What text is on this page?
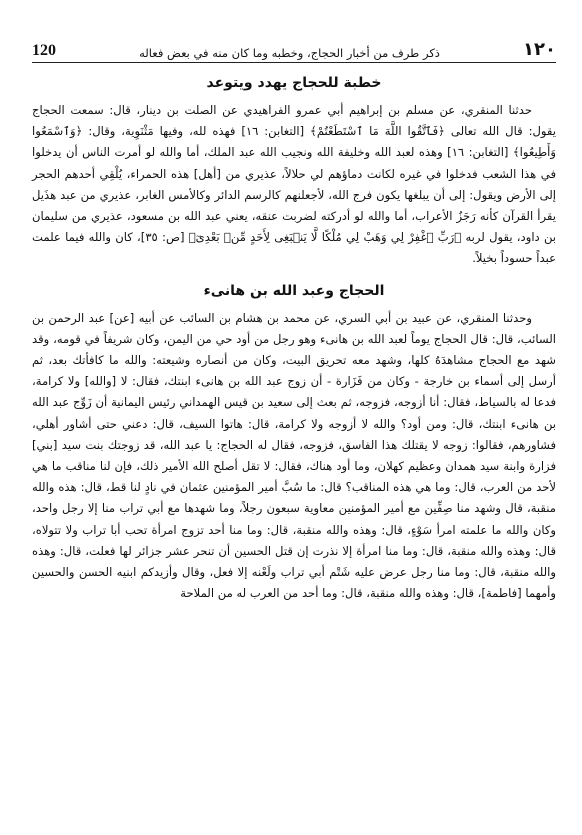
١٢٠
ذكر طرف من أخبار الحجاج، وخطبه وما كان منه في بعض فعاله
120
خطبة للحجاج يهدد ويتوعد

حدثنا المنقري، عن مسلم بن إبراهيم أبي عمرو الفراهيدي عن الصلت بن دينار، قال: سمعت الحجاج يقول: قال الله تعالى ﴿فَٱتَّقُوا اللَّهَ مَا ٱسْتَطَعْتُمْ﴾ [التغابن: ١٦] فهذه لله، وفيها مَثْنَوِية، وقال: ﴿وَٱسْمَعُوا وَأَطِيعُوا﴾ [التغابن: ١٦] وهذه لعبد الله وخليفة الله ونجيب الله عبد الملك، أما والله لو أمرت الناس أن يدخلوا في هذا الشعب فدخلوا في غيره لكانت دماؤهم لي حلالاً، عذيري من [أهل] هذه الحمراء، يُلْقِي أحدهم الحجر إلى الأرض ويقول: إلى أن يبلغها يكون فرج الله، لأجعلنهم كالرسم الدائر وكالأمس الغابر، عذيري من عبد هذَيل يقرأ القرآن كأنه رَجَزُ الأعراب، أما والله لو أدركته لضربت عنقه، يعني عبد الله بن مسعود، عذيري من سليمان بن داود، يقول لربه ﴿رَبِّ ٱغْفِرْ لِي وَهَبْ لِي مُلْكًا لَّا يَنۢبَغِى لِأَحَدٍ مِّنۢ بَعْدِىٓ﴾ [ص: ٣٥]، كان والله فيما علمت عبداً حسوداً بخيلاً.

الحجاج وعبد الله بن هانىء

وحدثنا المنقري، عن عبيد بن أبي السري، عن محمد بن هشام بن السائب عن أبيه [عن] عبد الرحمن بن السائب، قال: قال الحجاج يوماً لعبد الله بن هانىء وهو رجل من أود حي من اليمن، وكان شريفاً في قومه، وقد شهد مع الحجاج مشاهدَهُ كلها، وشهد معه تحريق البيت، وكان من أنصاره وشيعته: والله ما كافأتك بعد، ثم أرسل إلى أسماء بن خارجة - وكان من فَزَارة - أن زوج عبد الله بن هانىء ابنتك، فقال: لا [والله] ولا كرامة، فدعا له بالسياط، فقال: أنا أزوجه، فزوجه، ثم بعث إلى سعيد بن قيس الهمداني رئيس اليمانية أن زَوِّج عبد الله بن هانىء ابنتك، قال: ومن أود؟ والله لا أزوجه ولا كرامة، قال: هاتوا السيف، قال: دعني حتى أشاور أهلي، فشاورهم، فقالوا: زوجه لا يقتلك هذا الفاسق، فزوجه، فقال له الحجاج: يا عبد الله، قد زوجتك بنت سيد [بني] فزارة وابنة سيد همدان وعظيم كهلان، وما أود هناك، فقال: لا تقل أصلح الله الأمير ذلك، فإن لنا مناقب ما هي لأحد من العرب، قال: وما هي هذه المناقب؟ قال: ما سُبَّ أمير المؤمنين عثمان في نادٍ لنا قط، قال: هذه والله منقبة، قال وشهد منا صِفِّين مع أمير المؤمنين معاوية سبعون رجلاً، وما شهدها مع أبي تراب منا إلا رجل واحد، وكان والله ما علمته امرأ سَوْءٍ، قال: وهذه والله منقبة، قال: وما منا أحد تزوج امرأة تحب أبا تراب ولا تتولاه، قال: وهذه والله منقبة، قال: وما منا امرأة إلا نذرت إن قتل الحسين أن تنحر عشر جزائر لها فعلت، قال: وهذه والله منقبة، قال: وما منا رجل عرض عليه شَتْم أبي تراب ولَعْنه إلا فعل، وقال وأزيدكم ابنيه الحسن والحسين وأمهما [فاطمة]، قال: وهذه والله منقبة، قال: وما أحد من العرب له من الملاحة
